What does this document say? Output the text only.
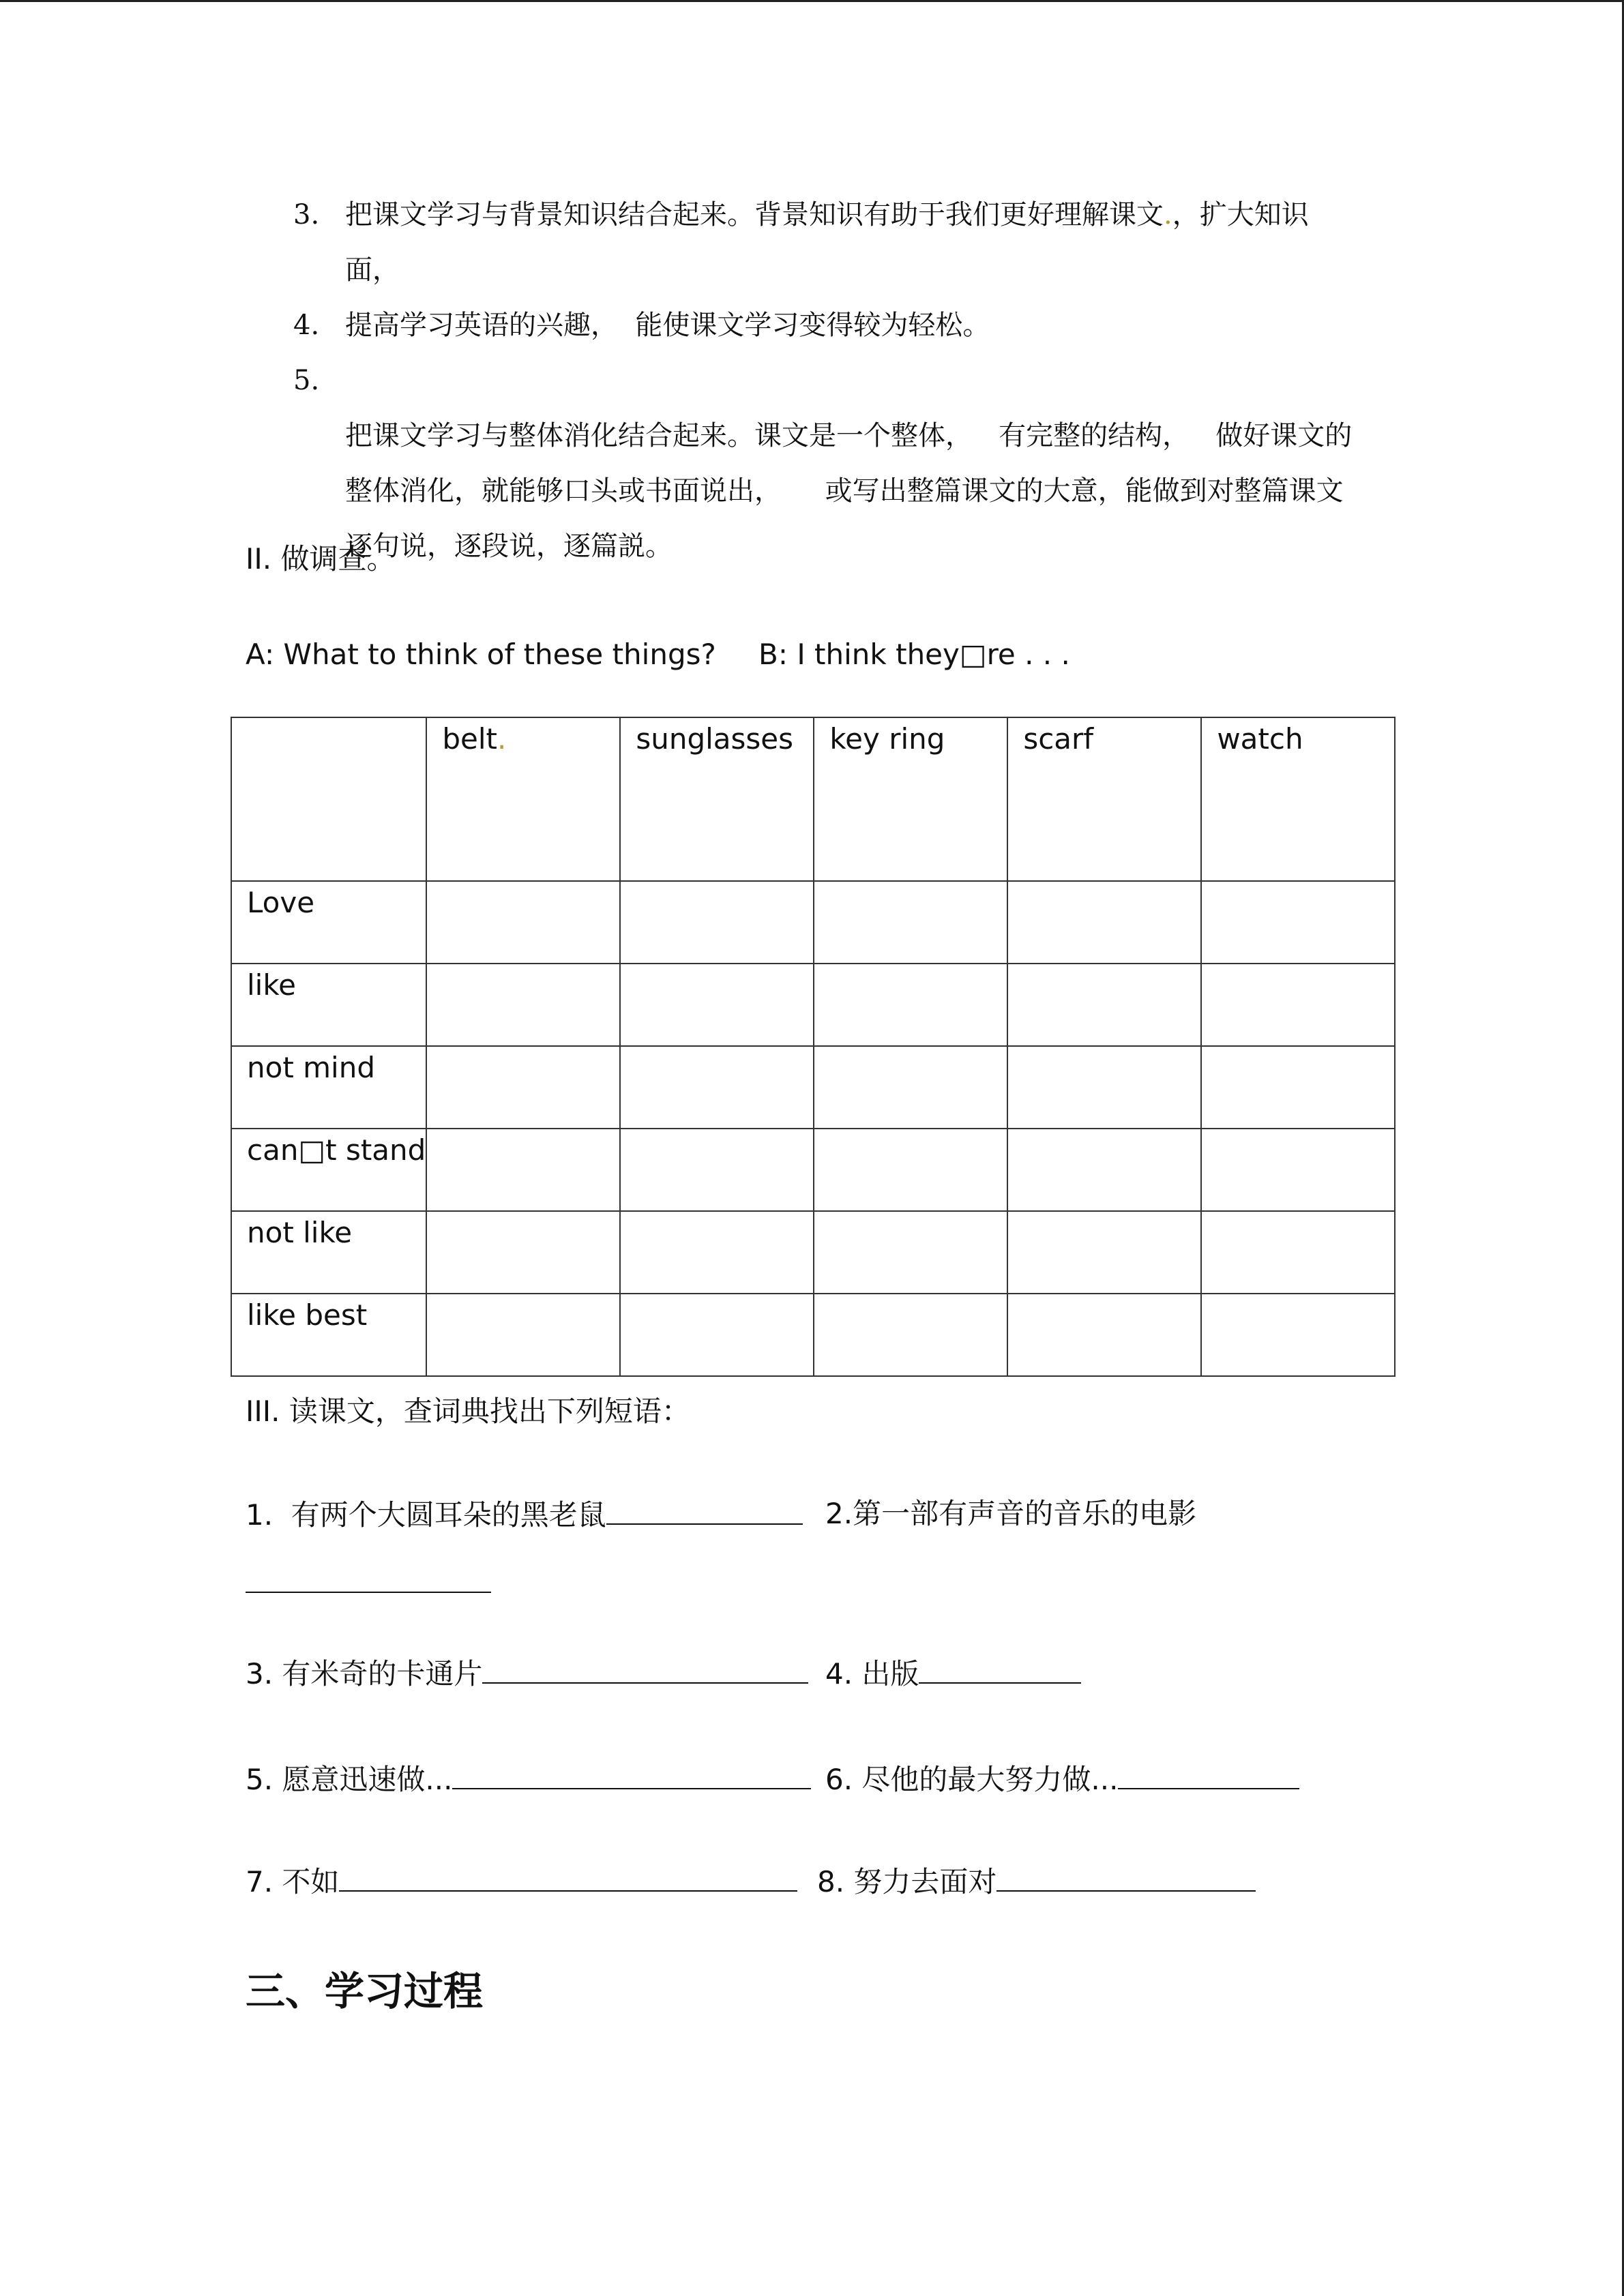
3. 把课文学习与背景知识结合起来。背景知识有助于我们更好理解课文.，扩大知识
面，
4. 提高学习英语的兴趣，  能使课文学习变得较为轻松。
5.

把课文学习与整体消化结合起来。课文是一个整体，   有完整的结构，   做好课文的
整体消化，就能够口头或书面说出，     或写出整篇课文的大意，能做到对整篇课文
逐句说，逐段说，逐篇説。
II. 做调查。
A: What to think of these things? B: I think they□re . . .

	belt.	sunglasses	key ring	scarf	watch

Love					

like					

not mind					

can□t stand					

not like					

like best					

III. 读课文，查词典找出下列短语：
1.  有两个大圆耳朵的黑老鼠	2.第一部有声音的音乐的电影
3. 有米奇的卡通片	4. 出版
5. 愿意迅速做...	6. 尽他的最大努力做...
7. 不如	8. 努力去面对
三、学习过程
